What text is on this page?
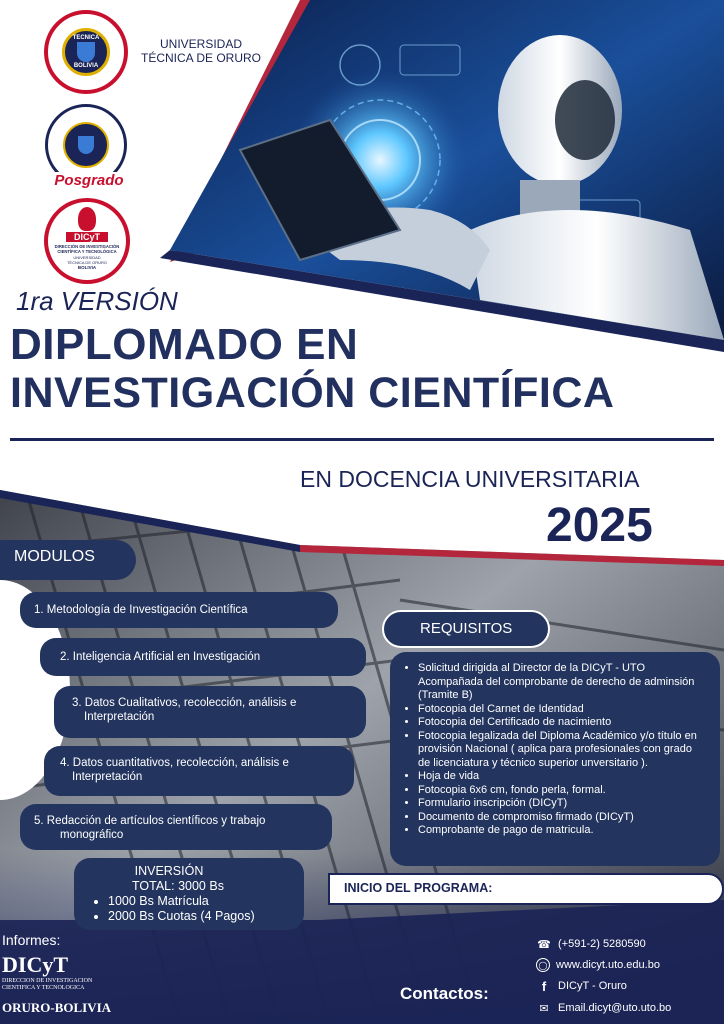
TECNICA
BOLIVIA
UNIVERSIDAD
TÉCNICA DE ORURO
Posgrado
DICyT
DIRECCIÓN DE INVESTIGACIÓN
CIENTÍFICA Y TECNOLÓGICA
UNIVERSIDAD
TÉCNICA DE ORURO
BOLIVIA
1ra VERSIÓN
DIPLOMADO EN
INVESTIGACIÓN CIENTÍFICA
EN DOCENCIA UNIVERSITARIA
2025
MODULOS
1. Metodología de Investigación Científica
2. Inteligencia Artificial en Investigación
3. Datos Cualitativos, recolección, análisis e
Interpretación
4. Datos cuantitativos, recolección, análisis e
Interpretación
5. Redacción de artículos científicos y trabajo
monográfico
REQUISITOS
• Solicitud dirigida al Director de la DICyT - UTO Acompañada del comprobante de derecho de adminsión (Tramite B)
• Fotocopia del Carnet de Identidad
• Fotocopia del Certificado de nacimiento
• Fotocopia legalizada del Diploma Académico y/o título en provisión Nacional ( aplica para profesionales con grado de licenciatura y técnico superior unversitario ).
• Hoja de vida
• Fotocopia 6x6 cm, fondo perla, formal.
• Formulario inscripción (DICyT)
• Documento de compromiso firmado (DICyT)
• Comprobante de pago de matricula.
INVERSIÓN
TOTAL: 3000 Bs
• 1000 Bs Matrícula
• 2000 Bs Cuotas (4 Pagos)
INICIO DEL PROGRAMA:
Informes:
DICyT
DIRECCION DE INVESTIGACION
CIENTIFICA Y TECNOLOGICA
ORURO-BOLIVIA
Contactos:
☎ (+591-2) 5280590
◯ www.dicyt.uto.edu.bo
f	DICyT - Oruro
✉ Email.dicyt@uto.uto.bo
